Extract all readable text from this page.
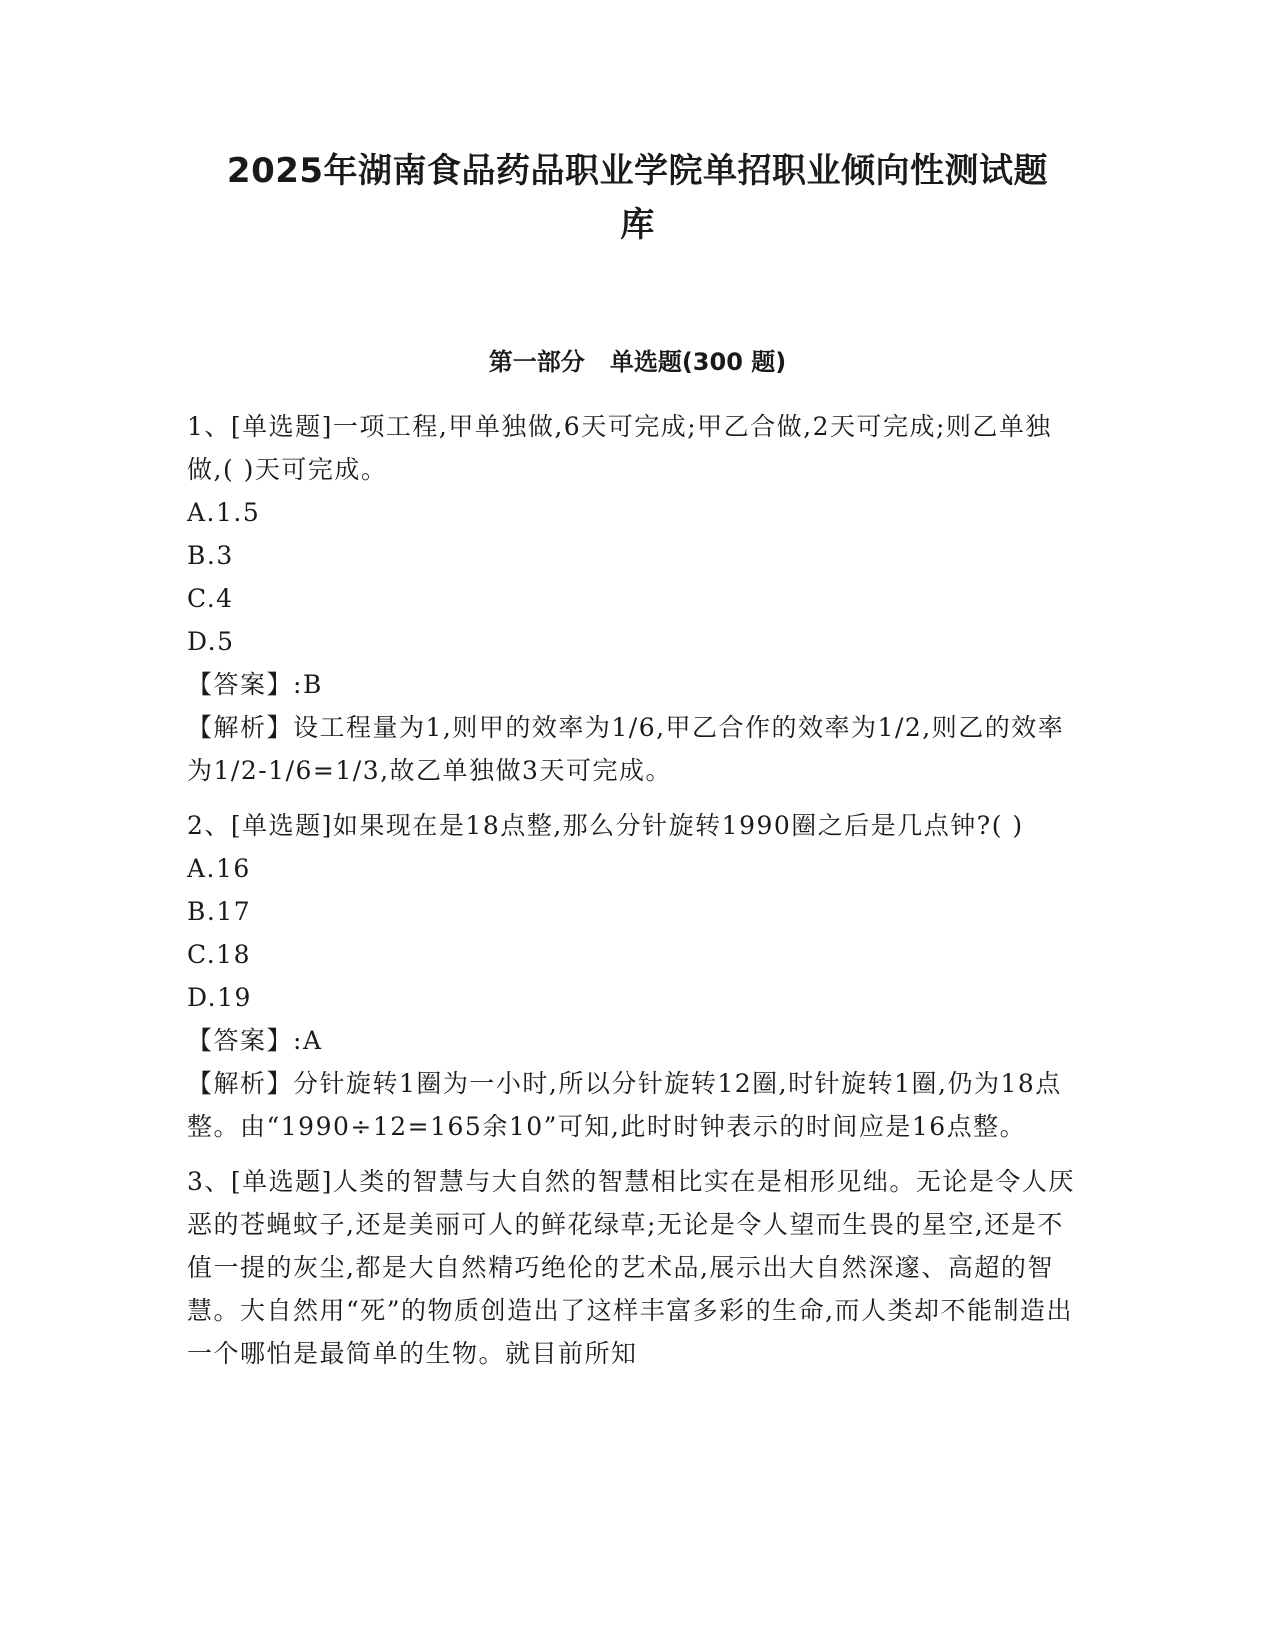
2025年湖南食品药品职业学院单招职业倾向性测试题
库
第一部分   单选题(300 题)

1、[单选题]一项工程,甲单独做,6天可完成;甲乙合做,2天可完成;则乙单独做,( )天可完成。

A.1.5

B.3

C.4

D.5

【答案】:B

【解析】设工程量为1,则甲的效率为1/6,甲乙合作的效率为1/2,则乙的效率为1/2-1/6=1/3,故乙单独做3天可完成。

2、[单选题]如果现在是18点整,那么分针旋转1990圈之后是几点钟?( )

A.16

B.17

C.18

D.19

【答案】:A

【解析】分针旋转1圈为一小时,所以分针旋转12圈,时针旋转1圈,仍为18点整。由“1990÷12=165余10”可知,此时时钟表示的时间应是16点整。

3、[单选题]人类的智慧与大自然的智慧相比实在是相形见绌。无论是令人厌恶的苍蝇蚊子,还是美丽可人的鲜花绿草;无论是令人望而生畏的星空,还是不值一提的灰尘,都是大自然精巧绝伦的艺术品,展示出大自然深邃、高超的智慧。大自然用“死”的物质创造出了这样丰富多彩的生命,而人类却不能制造出一个哪怕是最简单的生物。就目前所知
